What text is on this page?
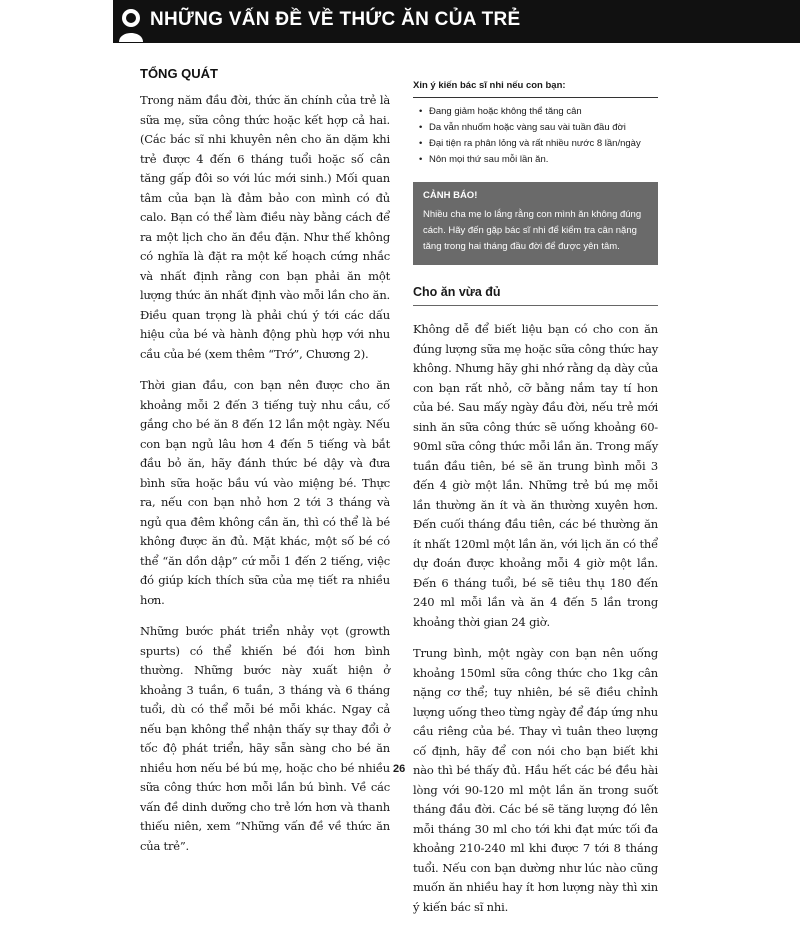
NHỮNG VẤN ĐỀ VỀ THỨC ĂN CỦA TRẺ
TỔNG QUÁT

Trong năm đầu đời, thức ăn chính của trẻ là sữa mẹ, sữa công thức hoặc kết hợp cả hai. (Các bác sĩ nhi khuyên nên cho ăn dặm khi trẻ được 4 đến 6 tháng tuổi hoặc số cân tăng gấp đôi so với lúc mới sinh.) Mối quan tâm của bạn là đảm bảo con mình có đủ calo. Bạn có thể làm điều này bằng cách để ra một lịch cho ăn đều đặn. Như thế không có nghĩa là đặt ra một kế hoạch cứng nhắc và nhất định rằng con bạn phải ăn một lượng thức ăn nhất định vào mỗi lần cho ăn. Điều quan trọng là phải chú ý tới các dấu hiệu của bé và hành động phù hợp với nhu cầu của bé (xem thêm “Trớ”, Chương 2).

Thời gian đầu, con bạn nên được cho ăn khoảng mỗi 2 đến 3 tiếng tuỳ nhu cầu, cố gắng cho bé ăn 8 đến 12 lần một ngày. Nếu con bạn ngủ lâu hơn 4 đến 5 tiếng và bắt đầu bỏ ăn, hãy đánh thức bé dậy và đưa bình sữa hoặc bầu vú vào miệng bé. Thực ra, nếu con bạn nhỏ hơn 2 tới 3 tháng và ngủ qua đêm không cần ăn, thì có thể là bé không được ăn đủ. Mặt khác, một số bé có thể “ăn dồn dập” cứ mỗi 1 đến 2 tiếng, việc đó giúp kích thích sữa của mẹ tiết ra nhiều hơn.

Những bước phát triển nhảy vọt (growth spurts) có thể khiến bé đói hơn bình thường. Những bước này xuất hiện ở khoảng 3 tuần, 6 tuần, 3 tháng và 6 tháng tuổi, dù có thể mỗi bé mỗi khác. Ngay cả nếu bạn không thể nhận thấy sự thay đổi ở tốc độ phát triển, hãy sẵn sàng cho bé ăn nhiều hơn nếu bé bú mẹ, hoặc cho bé nhiều sữa công thức hơn mỗi lần bú bình. Về các vấn đề dinh dưỡng cho trẻ lớn hơn và thanh thiếu niên, xem “Những vấn đề về thức ăn của trẻ”.

Xin ý kiến bác sĩ nhi nếu con bạn:
• Đang giảm hoặc không thể tăng cân
• Da vẫn nhuốm hoặc vàng sau vài tuần đầu đời
• Đại tiện ra phân lỏng và rất nhiều nước 8 lần/ngày
• Nôn mọi thứ sau mỗi lần ăn.
CẢNH BÁO!
Nhiều cha mẹ lo lắng rằng con mình ăn không đúng cách. Hãy đến gặp bác sĩ nhi để kiểm tra cân nặng tăng trong hai tháng đầu đời để được yên tâm.
Cho ăn vừa đủ

Không dễ để biết liệu bạn có cho con ăn đúng lượng sữa mẹ hoặc sữa công thức hay không. Nhưng hãy ghi nhớ rằng dạ dày của con bạn rất nhỏ, cỡ bằng nắm tay tí hon của bé. Sau mấy ngày đầu đời, nếu trẻ mới sinh ăn sữa công thức sẽ uống khoảng 60-90ml sữa công thức mỗi lần ăn. Trong mấy tuần đầu tiên, bé sẽ ăn trung bình mỗi 3 đến 4 giờ một lần. Những trẻ bú mẹ mỗi lần thường ăn ít và ăn thường xuyên hơn. Đến cuối tháng đầu tiên, các bé thường ăn ít nhất 120ml một lần ăn, với lịch ăn có thể dự đoán được khoảng mỗi 4 giờ một lần. Đến 6 tháng tuổi, bé sẽ tiêu thụ 180 đến 240 ml mỗi lần và ăn 4 đến 5 lần trong khoảng thời gian 24 giờ.

Trung bình, một ngày con bạn nên uống khoảng 150ml sữa công thức cho 1kg cân nặng cơ thể; tuy nhiên, bé sẽ điều chỉnh lượng uống theo từng ngày để đáp ứng nhu cầu riêng của bé. Thay vì tuân theo lượng cố định, hãy để con nói cho bạn biết khi nào thì bé thấy đủ. Hầu hết các bé đều hài lòng với 90-120 ml một lần ăn trong suốt tháng đầu đời. Các bé sẽ tăng lượng đó lên mỗi tháng 30 ml cho tới khi đạt mức tối đa khoảng 210-240 ml khi được 7 tới 8 tháng tuổi. Nếu con bạn dường như lúc nào cũng muốn ăn nhiều hay ít hơn lượng này thì xin ý kiến bác sĩ nhi.

26
